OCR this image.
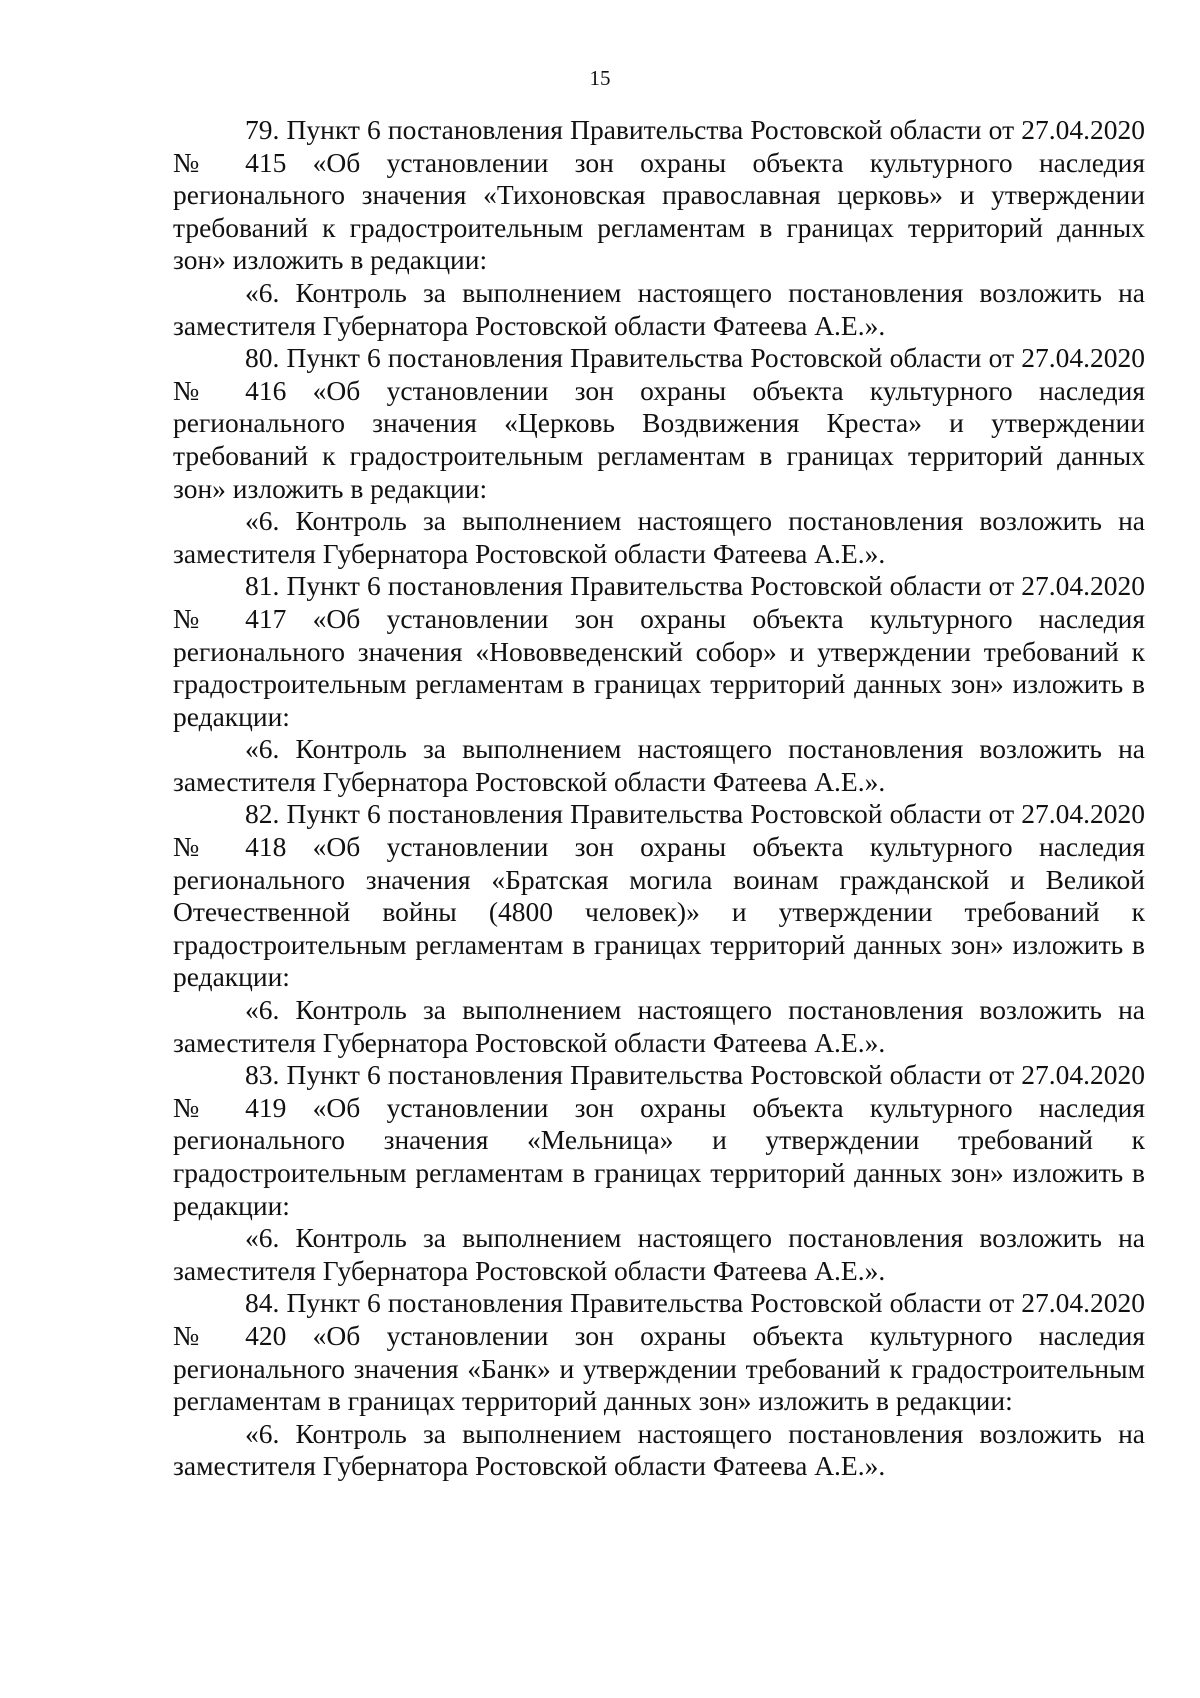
15

79. Пункт 6 постановления Правительства Ростовской области от 27.04.2020 № 415 «Об установлении зон охраны объекта культурного наследия регионального значения «Тихоновская православная церковь» и утверждении требований к градостроительным регламентам в границах территорий данных зон» изложить в редакции:

«6. Контроль за выполнением настоящего постановления возложить на заместителя Губернатора Ростовской области Фатеева А.Е.».

80. Пункт 6 постановления Правительства Ростовской области от 27.04.2020 № 416 «Об установлении зон охраны объекта культурного наследия регионального значения «Церковь Воздвижения Креста» и утверждении требований к градостроительным регламентам в границах территорий данных зон» изложить в редакции:

«6. Контроль за выполнением настоящего постановления возложить на заместителя Губернатора Ростовской области Фатеева А.Е.».

81. Пункт 6 постановления Правительства Ростовской области от 27.04.2020 № 417 «Об установлении зон охраны объекта культурного наследия регионального значения «Нововведенский собор» и утверждении требований к градостроительным регламентам в границах территорий данных зон» изложить в редакции:

«6. Контроль за выполнением настоящего постановления возложить на заместителя Губернатора Ростовской области Фатеева А.Е.».

82. Пункт 6 постановления Правительства Ростовской области от 27.04.2020 № 418 «Об установлении зон охраны объекта культурного наследия регионального значения «Братская могила воинам гражданской и Великой Отечественной войны (4800 человек)» и утверждении требований к градостроительным регламентам в границах территорий данных зон» изложить в редакции:

«6. Контроль за выполнением настоящего постановления возложить на заместителя Губернатора Ростовской области Фатеева А.Е.».

83. Пункт 6 постановления Правительства Ростовской области от 27.04.2020 № 419 «Об установлении зон охраны объекта культурного наследия регионального значения «Мельница» и утверждении требований к градостроительным регламентам в границах территорий данных зон» изложить в редакции:

«6. Контроль за выполнением настоящего постановления возложить на заместителя Губернатора Ростовской области Фатеева А.Е.».

84. Пункт 6 постановления Правительства Ростовской области от 27.04.2020 № 420 «Об установлении зон охраны объекта культурного наследия регионального значения «Банк» и утверждении требований к градостроительным регламентам в границах территорий данных зон» изложить в редакции:

«6. Контроль за выполнением настоящего постановления возложить на заместителя Губернатора Ростовской области Фатеева А.Е.».
